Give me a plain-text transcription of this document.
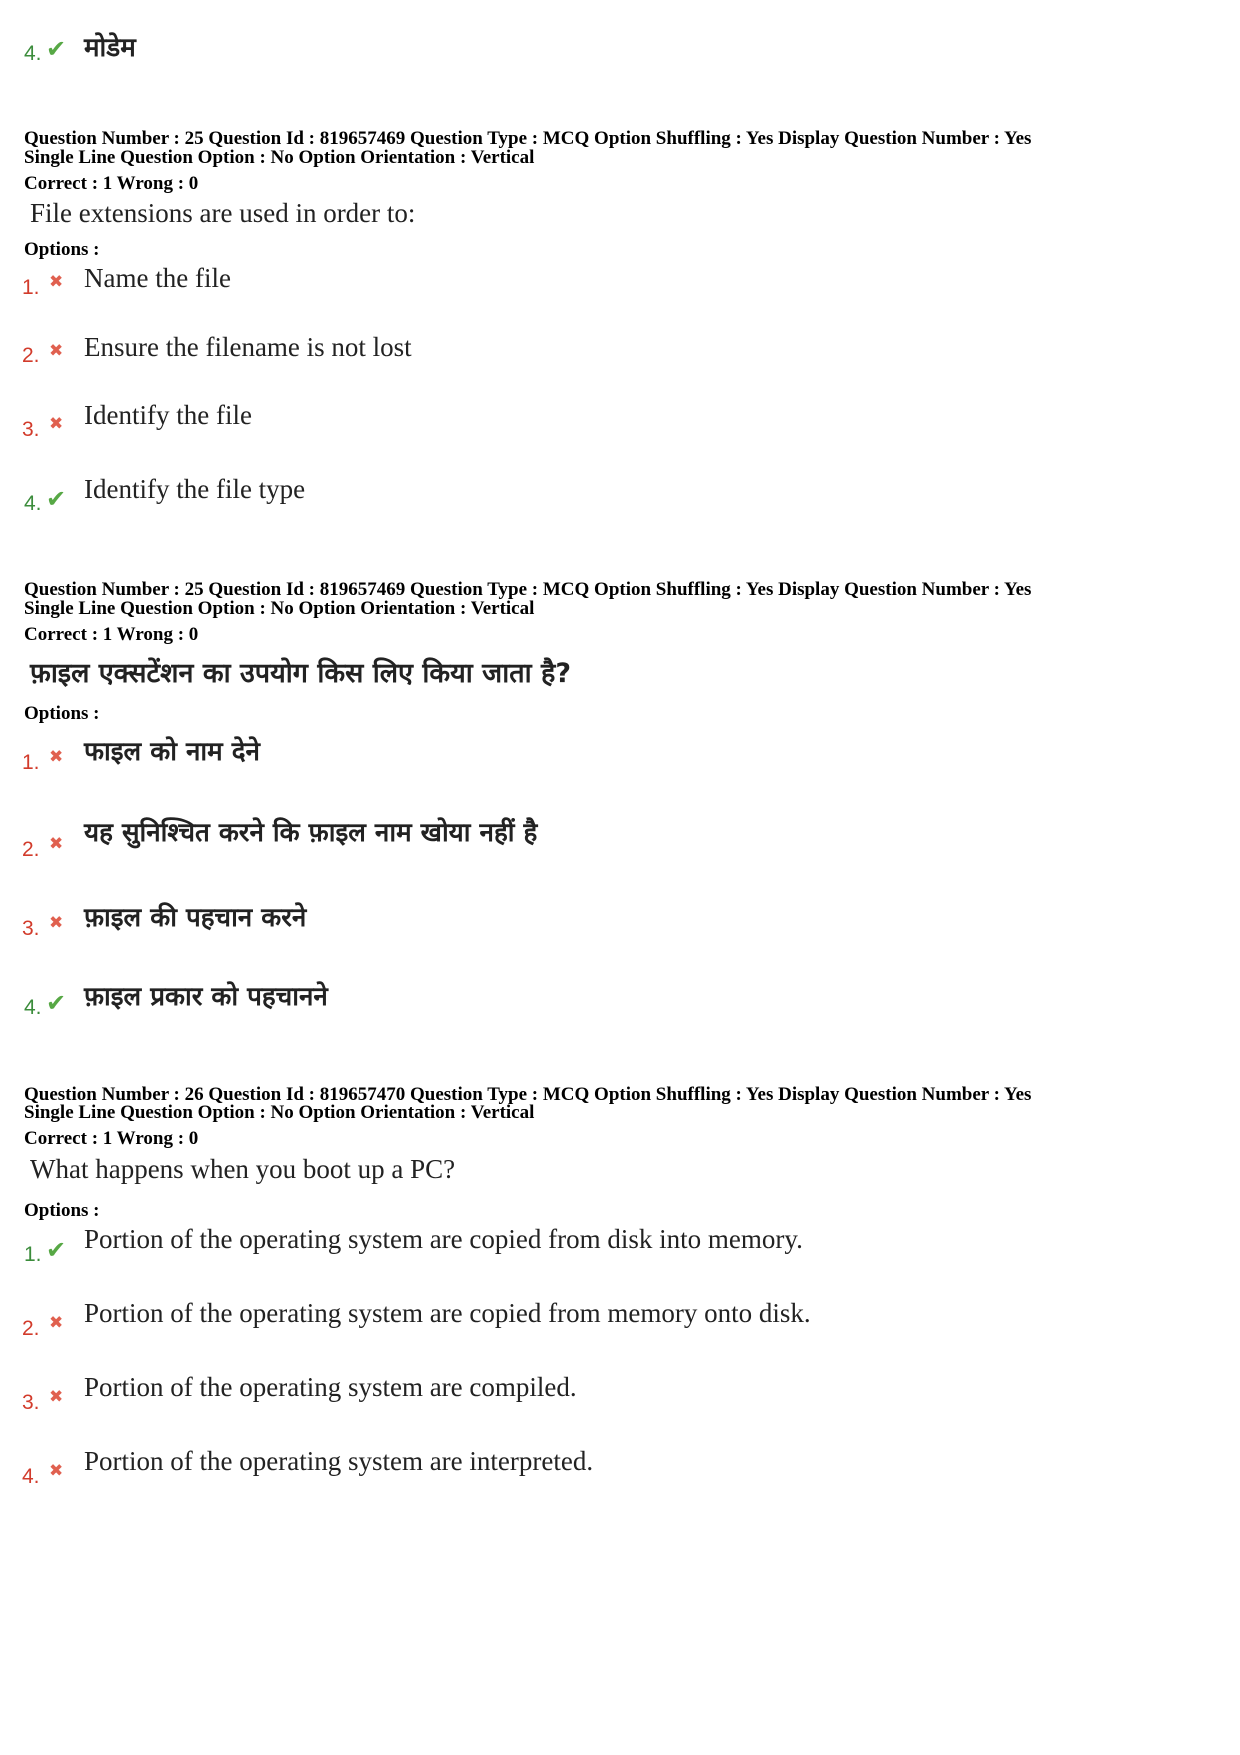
4. ✔ मोडेम
Question Number : 25 Question Id : 819657469 Question Type : MCQ Option Shuffling : Yes Display Question Number : Yes
Single Line Question Option : No Option Orientation : Vertical
Correct : 1 Wrong : 0
File extensions are used in order to:
Options :
1. ✖ Name the file
2. ✖ Ensure the filename is not lost
3. ✖ Identify the file
4. ✔ Identify the file type
Question Number : 25 Question Id : 819657469 Question Type : MCQ Option Shuffling : Yes Display Question Number : Yes
Single Line Question Option : No Option Orientation : Vertical
Correct : 1 Wrong : 0
फ़ाइल एक्सटेंशन का उपयोग किस लिए किया जाता है?
Options :
1. ✖ फाइल को नाम देने
2. ✖ यह सुनिश्चित करने कि फ़ाइल नाम खोया नहीं है
3. ✖ फ़ाइल की पहचान करने
4. ✔ फ़ाइल प्रकार को पहचानने
Question Number : 26 Question Id : 819657470 Question Type : MCQ Option Shuffling : Yes Display Question Number : Yes
Single Line Question Option : No Option Orientation : Vertical
Correct : 1 Wrong : 0
What happens when you boot up a PC?
Options :
1. ✔ Portion of the operating system are copied from disk into memory.
2. ✖ Portion of the operating system are copied from memory onto disk.
3. ✖ Portion of the operating system are compiled.
4. ✖ Portion of the operating system are interpreted.
